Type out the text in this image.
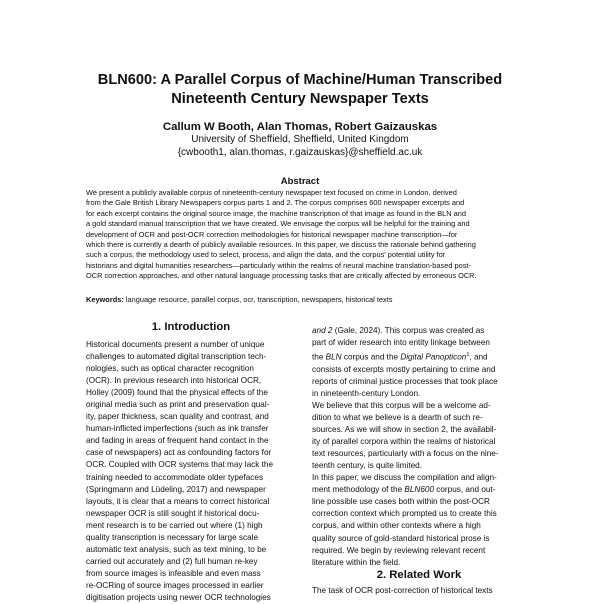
BLN600: A Parallel Corpus of Machine/Human Transcribed
Nineteenth Century Newspaper Texts
Callum W Booth, Alan Thomas, Robert Gaizauskas
University of Sheffield, Sheffield, United Kingdom
{cwbooth1, alan.thomas, r.gaizauskas}@sheffield.ac.uk
Abstract
We present a publicly available corpus of nineteenth-century newspaper text focused on crime in London, derived
from the Gale British Library Newspapers corpus parts 1 and 2. The corpus comprises 600 newspaper excerpts and
for each excerpt contains the original source image, the machine transcription of that image as found in the BLN and
a gold standard manual transcription that we have created. We envisage the corpus will be helpful for the training and
development of OCR and post-OCR correction methodologies for historical newspaper machine transcription—for
which there is currently a dearth of publicly available resources. In this paper, we discuss the rationale behind gathering
such a corpus, the methodology used to select, process, and align the data, and the corpus' potential utility for
historians and digital humanities researchers—particularly within the realms of neural machine translation-based post-
OCR correction approaches, and other natural language processing tasks that are critically affected by erroneous OCR.
Keywords: language resource, parallel corpus, ocr, transcription, newspapers, historical texts
1. Introduction
Historical documents present a number of unique
challenges to automated digital transcription tech-
nologies, such as optical character recognition
(OCR). In previous research into historical OCR,
Holley (2009) found that the physical effects of the
original media such as print and preservation qual-
ity, paper thickness, scan quality and contrast, and
human-inflicted imperfections (such as ink transfer
and fading in areas of frequent hand contact in the
case of newspapers) act as confounding factors for
OCR. Coupled with OCR systems that may lack the
training needed to accommodate older typefaces
(Springmann and Lüdeling, 2017) and newspaper
layouts, it is clear that a means to correct historical
newspaper OCR is still sought if historical docu-
ment research is to be carried out where (1) high
quality transcription is necessary for large scale
automatic text analysis, such as text mining, to be
carried out accurately and (2) full human re-key
from source images is infeasible and even mass
re-OCRing of source images processed in earlier
digitisation projects using newer OCR technologies
and 2 (Gale, 2024). This corpus was created as
part of wider research into entity linkage between
the BLN corpus and the Digital Panopticon$^1$, and
consists of excerpts mostly pertaining to crime and
reports of criminal justice processes that took place
in nineteenth-century London.
We believe that this corpus will be a welcome ad-
dition to what we believe is a dearth of such re-
sources. As we will show in section 2, the availabil-
ity of parallel corpora within the realms of historical
text resources, particularly with a focus on the nine-
teenth century, is quite limited.
In this paper, we discuss the compilation and align-
ment methodology of the BLN600 corpus, and out-
line possible use cases both within the post-OCR
correction context which prompted us to create this
corpus, and within other contexts where a high
quality source of gold-standard historical prose is
required. We begin by reviewing relevant recent
literature within the field.
2. Related Work
The task of OCR post-correction of historical texts
